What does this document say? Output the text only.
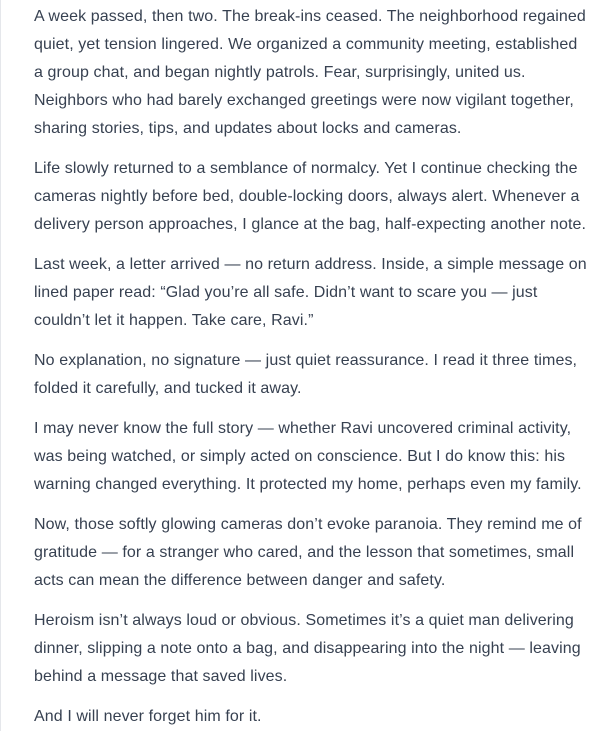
A week passed, then two. The break-ins ceased. The neighborhood regained quiet, yet tension lingered. We organized a community meeting, established a group chat, and began nightly patrols. Fear, surprisingly, united us. Neighbors who had barely exchanged greetings were now vigilant together, sharing stories, tips, and updates about locks and cameras.

Life slowly returned to a semblance of normalcy. Yet I continue checking the cameras nightly before bed, double-locking doors, always alert. Whenever a delivery person approaches, I glance at the bag, half-expecting another note.

Last week, a letter arrived — no return address. Inside, a simple message on lined paper read: “Glad you’re all safe. Didn’t want to scare you — just couldn’t let it happen. Take care, Ravi.”

No explanation, no signature — just quiet reassurance. I read it three times, folded it carefully, and tucked it away.

I may never know the full story — whether Ravi uncovered criminal activity, was being watched, or simply acted on conscience. But I do know this: his warning changed everything. It protected my home, perhaps even my family.

Now, those softly glowing cameras don’t evoke paranoia. They remind me of gratitude — for a stranger who cared, and the lesson that sometimes, small acts can mean the difference between danger and safety.

Heroism isn’t always loud or obvious. Sometimes it’s a quiet man delivering dinner, slipping a note onto a bag, and disappearing into the night — leaving behind a message that saved lives.

And I will never forget him for it.
